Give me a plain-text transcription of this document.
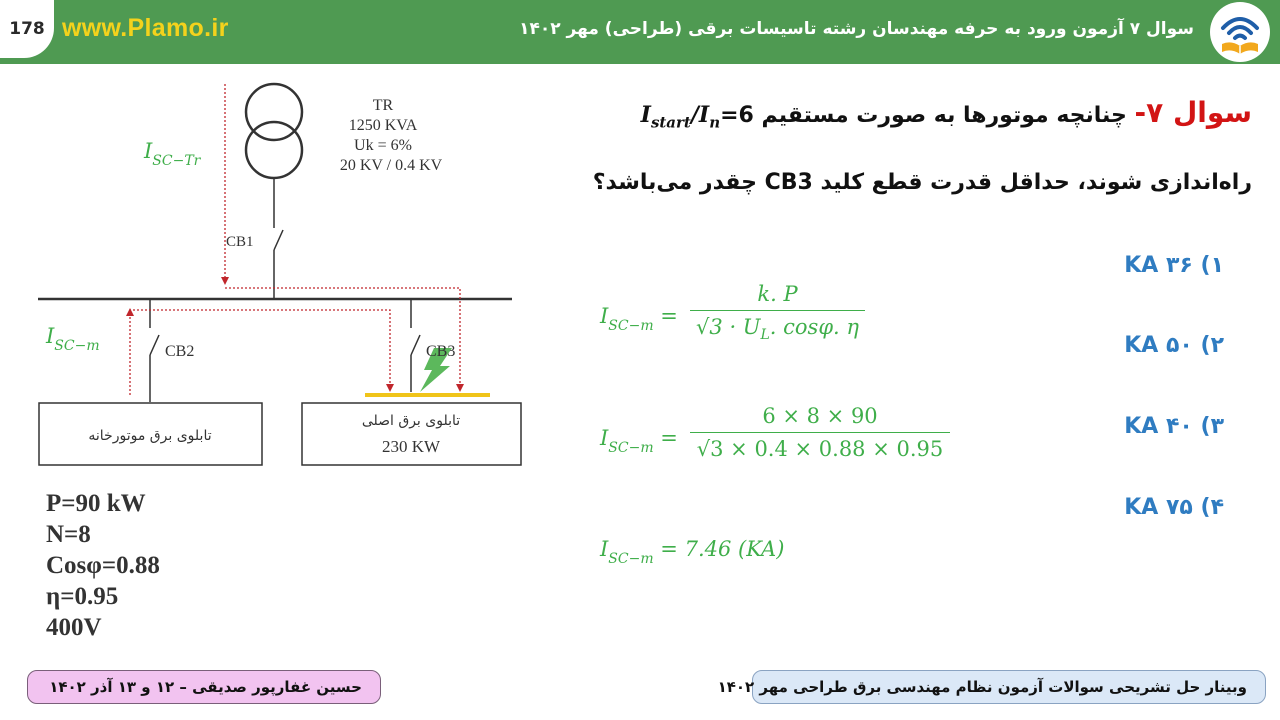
178 www.Plamo.ir	سوال ۷ آزمون ورود به حرفه مهندسان رشته تاسیسات برقی (طراحی) مهر ۱۴۰۲
TR
1250 KVA
Uk = 6%
20 KV / 0.4 KV
CB1
CB2	CB3
$I_{SC-Tr}$
$I_{SC-m}$
تابلوی برق موتورخانه
تابلوی برق اصلی
230 KW
P=90 kW
N=8
Cosφ=0.88
η=0.95
400V
سوال ۷- چنانچه موتورها به صورت مستقیم $I_{start}/I_n=6$
راه‌اندازی شوند، حداقل قدرت قطع کلید CB3 چقدر می‌باشد؟
۱) ۳۶ KA
۲) ۵۰ KA
۳) ۴۰ KA
۴) ۷۵ KA
$I_{SC-m} = \frac{k. P}{√3 \cdot U_L. \cos\varphi. \eta}$
$I_{SC-m} = \frac{6 \times 8 \times 90}{√3 \times 0.4 \times 0.88 \times 0.95}$
$I_{SC-m} = 7.46$ (KA)
حسین غفارپور صدیقی – ۱۲ و ۱۳ آذر ۱۴۰۲	وبینار حل تشریحی سوالات آزمون نظام مهندسی برق طراحی مهر ۱۴۰۲
